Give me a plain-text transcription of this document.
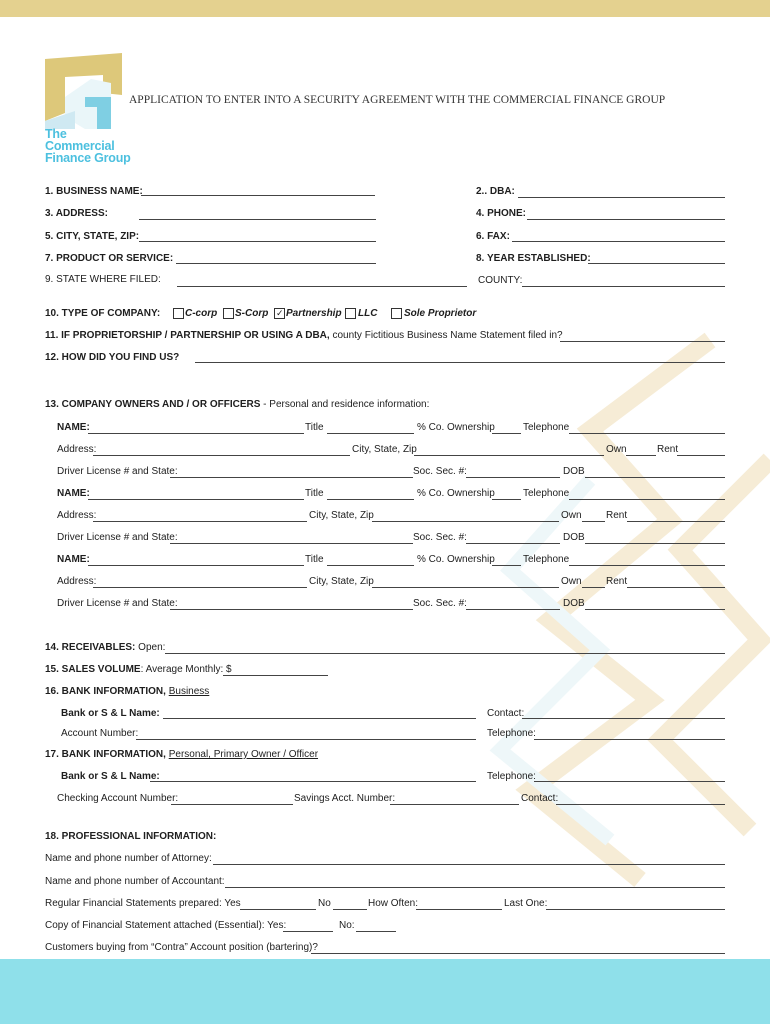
The Commercial
Finance Group
APPLICATION TO ENTER INTO A SECURITY AGREEMENT WITH THE COMMERCIAL FINANCE GROUP
1. BUSINESS NAME:	2.. DBA:
3. ADDRESS:	4. PHONE:
5. CITY, STATE, ZIP:	6. FAX:
7. PRODUCT OR SERVICE:	8. YEAR ESTABLISHED:
9. STATE WHERE FILED:	COUNTY:
10. TYPE OF COMPANY: C-corp S-Corp ✓ Partnership LLC	Sole Proprietor
11. IF PROPRIETORSHIP / PARTNERSHIP OR USING A DBA, county Fictitious Business Name Statement filed in?
12. HOW DID YOU FIND US?
13. COMPANY OWNERS AND / OR OFFICERS - Personal and residence information:
NAME:	Title	% Co. Ownership	Telephone
Address:	City, State, Zip	Own	Rent
Driver License # and State:	Soc. Sec. #:	DOB
NAME:	Title	% Co. Ownership	Telephone
Address:	City, State, Zip	Own Rent
Driver License # and State:	Soc. Sec. #:	DOB
NAME:	Title	% Co. Ownership	Telephone
Address:	City, State, Zip	Own Rent
Driver License # and State:	Soc. Sec. #:	DOB
14. RECEIVABLES: Open:
15. SALES VOLUME: Average Monthly: $
16. BANK INFORMATION, Business
Bank or S & L Name:	Contact:
Account Number:	Telephone:
17. BANK INFORMATION, Personal, Primary Owner / Officer
Bank or S & L Name:	Telephone:
Checking Account Number:	Savings Acct. Number:	Contact:
18. PROFESSIONAL INFORMATION:
Name and phone number of Attorney:
Name and phone number of Accountant:
Regular Financial Statements prepared: Yes	No	How Often:	Last One:
Copy of Financial Statement attached (Essential): Yes:	No:
Customers buying from “Contra” Account position (bartering)?
